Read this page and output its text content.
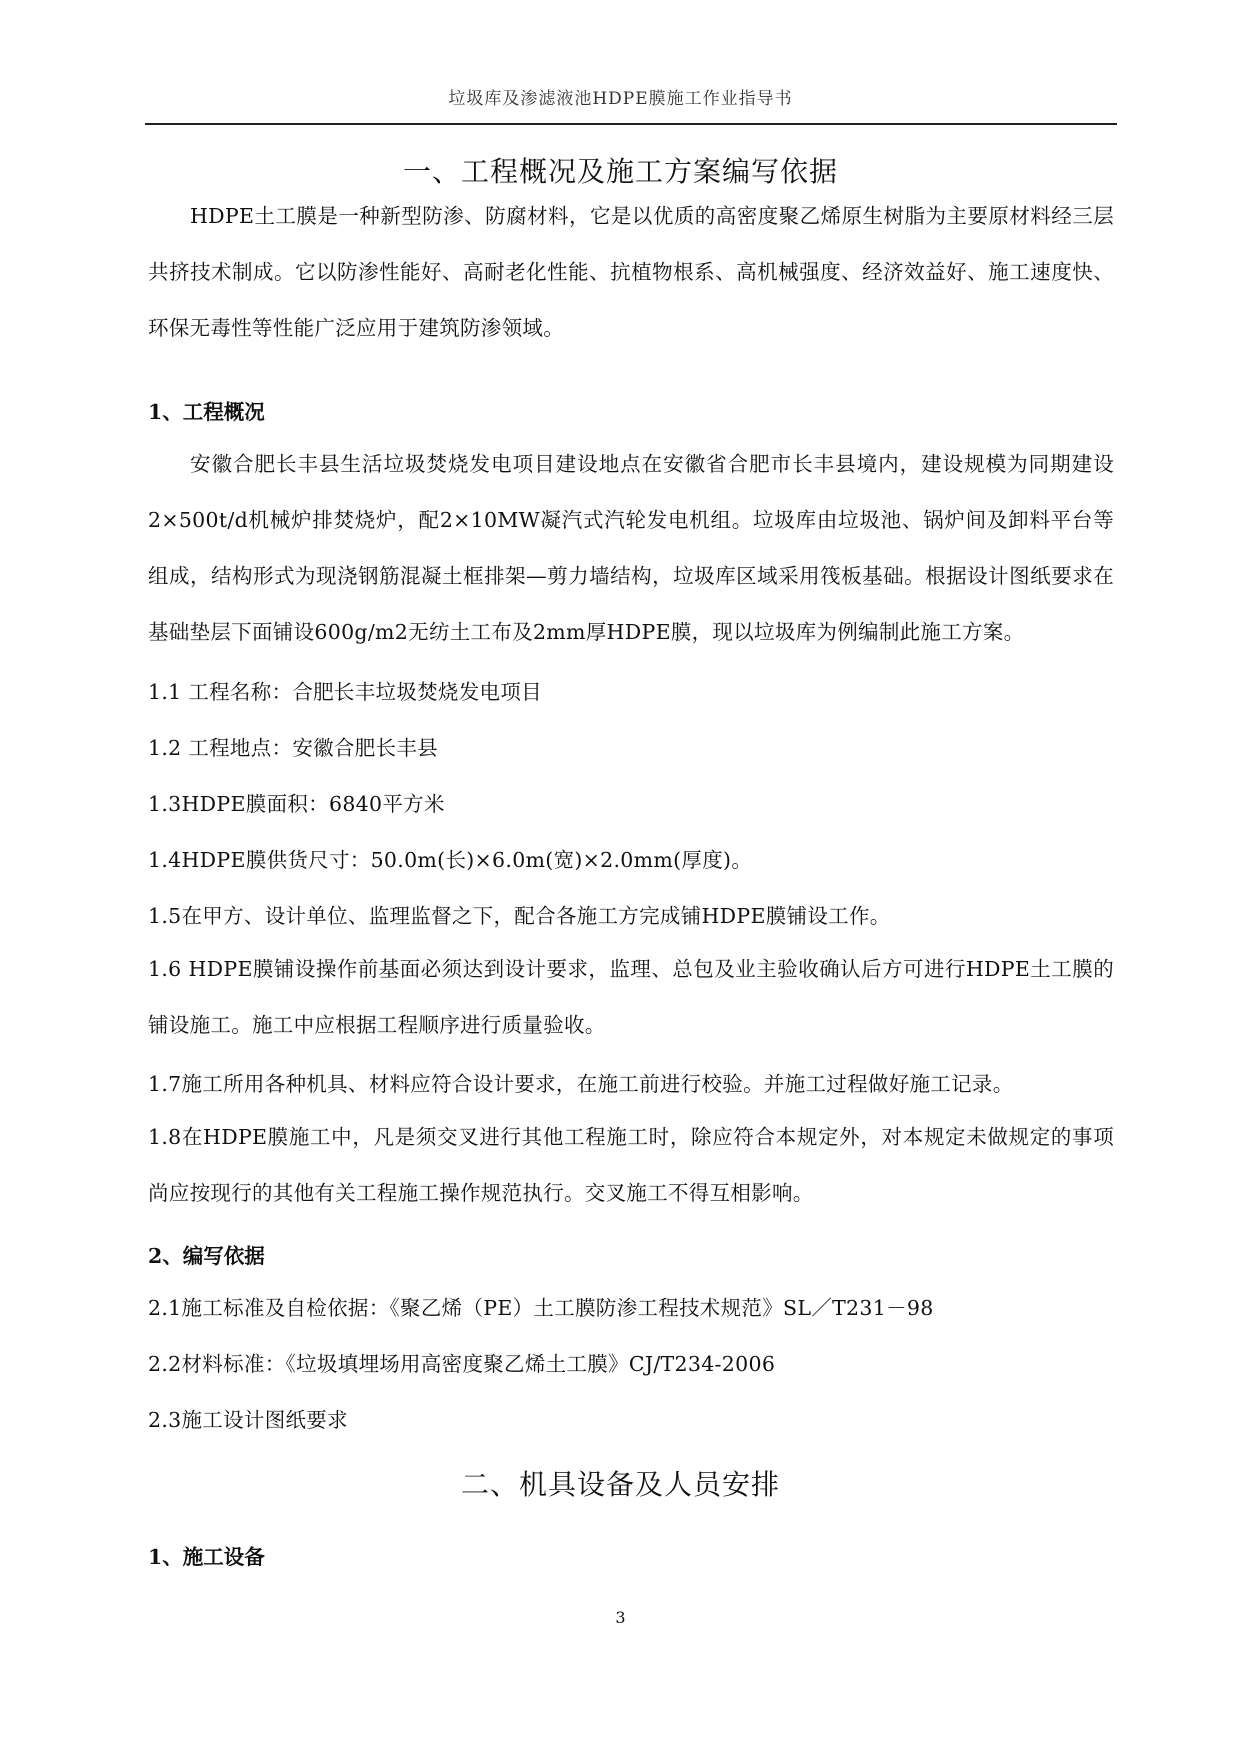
垃圾库及渗滤液池HDPE膜施工作业指导书
一、工程概况及施工方案编写依据
HDPE土工膜是一种新型防渗、防腐材料，它是以优质的高密度聚乙烯原生树脂为主要原材料经三层共挤技术制成。它以防渗性能好、高耐老化性能、抗植物根系、高机械强度、经济效益好、施工速度快、环保无毒性等性能广泛应用于建筑防渗领域。
1、工程概况
安徽合肥长丰县生活垃圾焚烧发电项目建设地点在安徽省合肥市长丰县境内，建设规模为同期建设2×500t/d机械炉排焚烧炉，配2×10MW凝汽式汽轮发电机组。垃圾库由垃圾池、锅炉间及卸料平台等组成，结构形式为现浇钢筋混凝土框排架—剪力墙结构，垃圾库区域采用筏板基础。根据设计图纸要求在基础垫层下面铺设600g/m2无纺土工布及2mm厚HDPE膜，现以垃圾库为例编制此施工方案。
1.1 工程名称：合肥长丰垃圾焚烧发电项目
1.2 工程地点：安徽合肥长丰县
1.3HDPE膜面积：6840平方米
1.4HDPE膜供货尺寸：50.0m(长)×6.0m(宽)×2.0mm(厚度)。
1.5在甲方、设计单位、监理监督之下，配合各施工方完成铺HDPE膜铺设工作。
1.6 HDPE膜铺设操作前基面必须达到设计要求，监理、总包及业主验收确认后方可进行HDPE土工膜的铺设施工。施工中应根据工程顺序进行质量验收。
1.7施工所用各种机具、材料应符合设计要求，在施工前进行校验。并施工过程做好施工记录。
1.8在HDPE膜施工中，凡是须交叉进行其他工程施工时，除应符合本规定外，对本规定未做规定的事项尚应按现行的其他有关工程施工操作规范执行。交叉施工不得互相影响。
2、编写依据
2.1施工标准及自检依据：《聚乙烯（PE）土工膜防渗工程技术规范》SL／T231－98
2.2材料标准：《垃圾填埋场用高密度聚乙烯土工膜》CJ/T234-2006
2.3施工设计图纸要求
二、机具设备及人员安排
1、施工设备
3
